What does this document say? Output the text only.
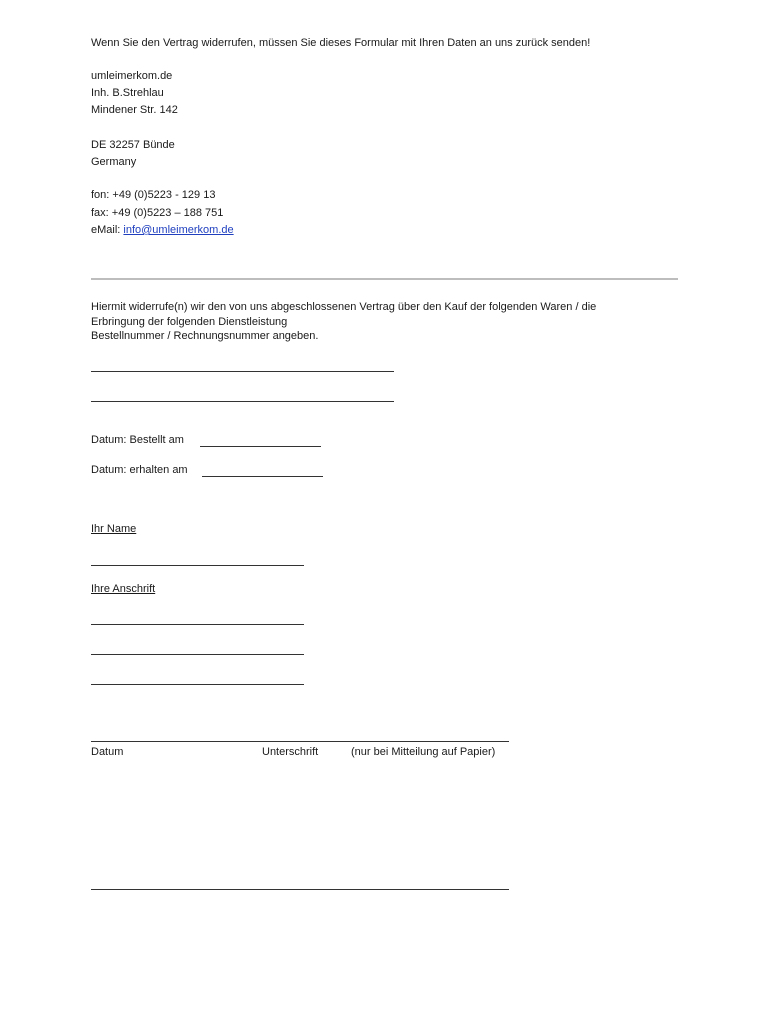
Wenn Sie den Vertrag widerrufen, müssen Sie dieses Formular mit Ihren Daten an uns zurück senden!
umleimerkom.de
Inh. B.Strehlau
Mindener Str. 142
DE 32257 Bünde
Germany
fon: +49 (0)5223 - 129 13
fax: +49 (0)5223 – 188 751
eMail: info@umleimerkom.de
Hiermit widerrufe(n) wir den von uns abgeschlossenen Vertrag über den Kauf der folgenden Waren / die
Erbringung der folgenden Dienstleistung
Bestellnummer / Rechnungsnummer angeben.
Datum: Bestellt am
Datum: erhalten am
Ihr Name
Ihre Anschrift
Datum	Unterschrift	(nur bei Mitteilung auf Papier)
